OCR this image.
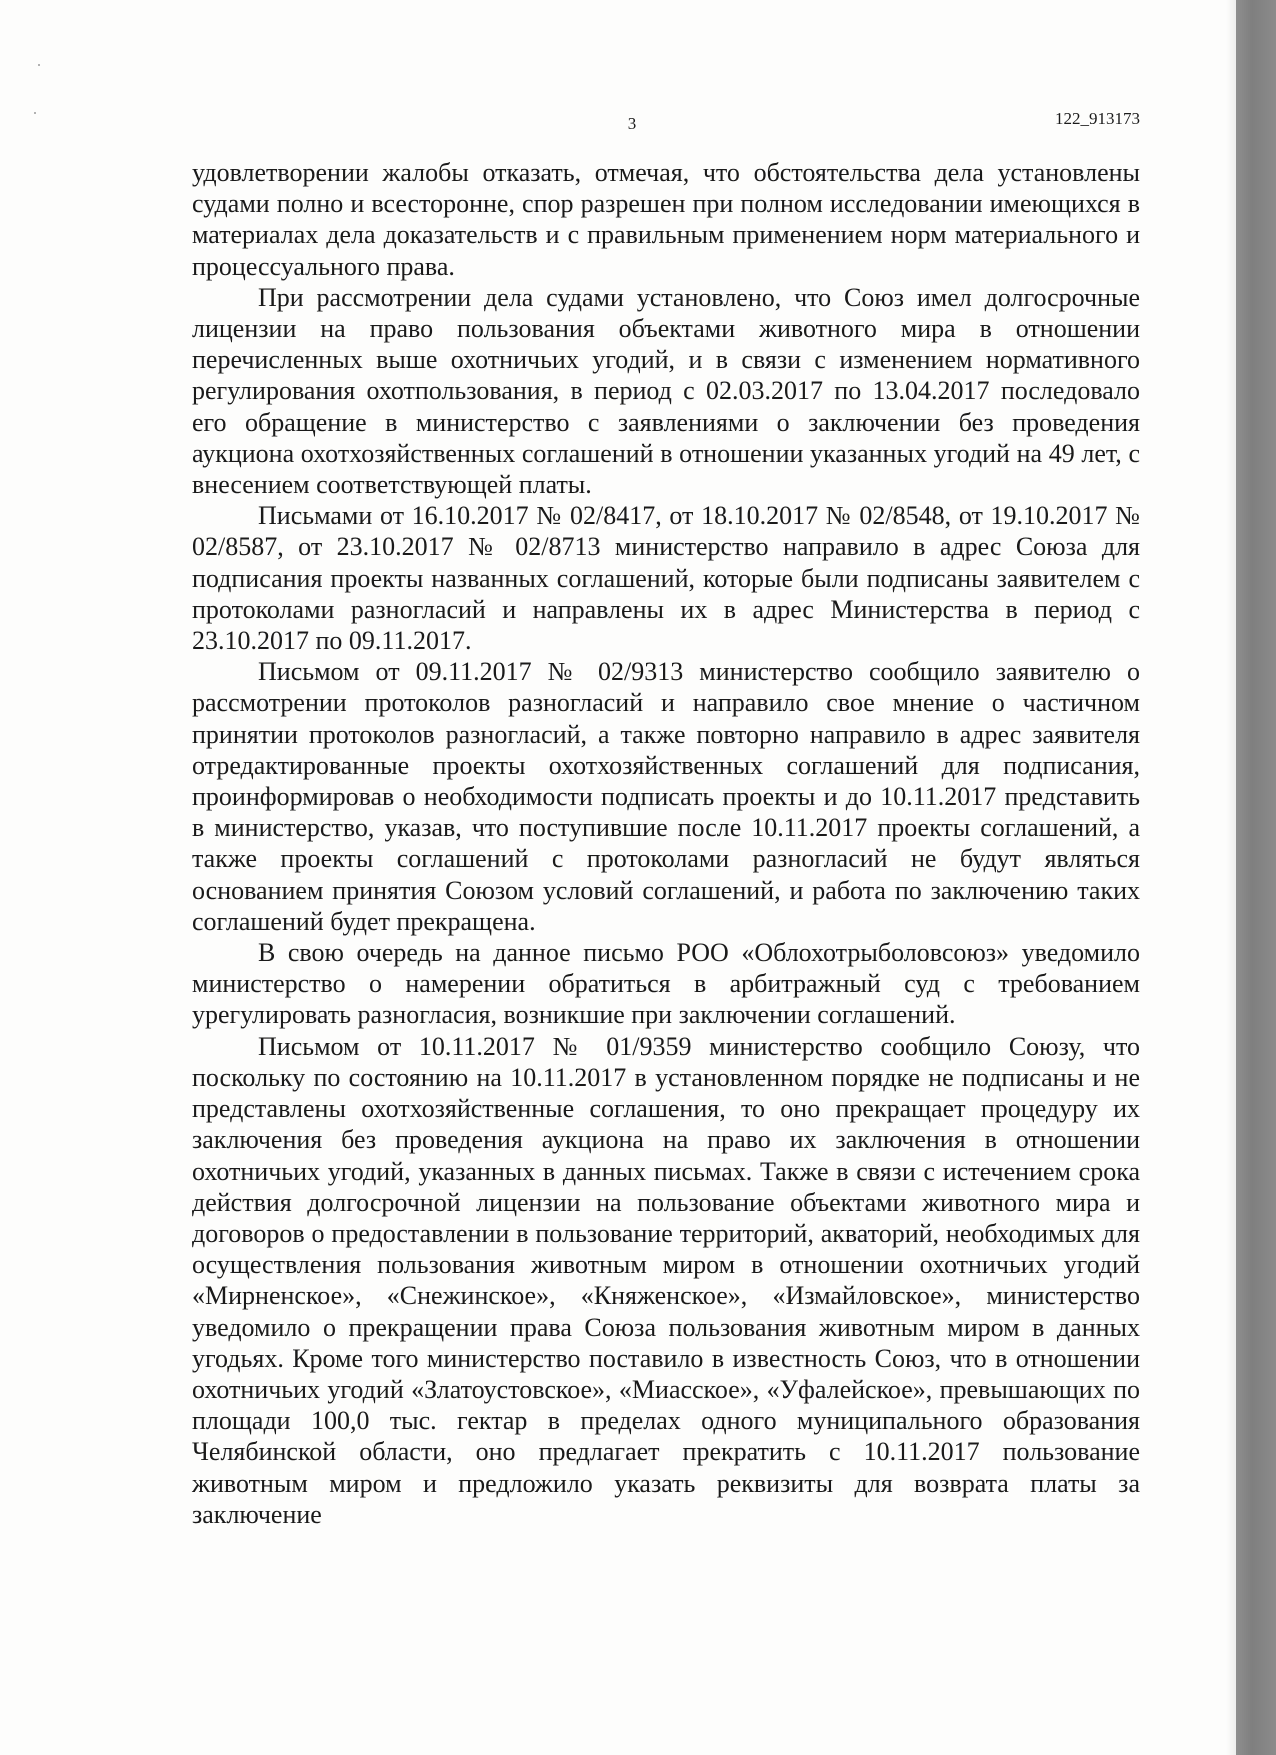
3	122_913173

удовлетворении жалобы отказать, отмечая, что обстоятельства дела установлены судами полно и всесторонне, спор разрешен при полном исследовании имеющихся в материалах дела доказательств и с правильным применением норм материального и процессуального права.

При рассмотрении дела судами установлено, что Союз имел долгосрочные лицензии на право пользования объектами животного мира в отношении перечисленных выше охотничьих угодий, и в связи с изменением нормативного регулирования охотпользования, в период с 02.03.2017 по 13.04.2017 последовало его обращение в министерство с заявлениями о заключении без проведения аукциона охотхозяйственных соглашений в отношении указанных угодий на 49 лет, с внесением соответствующей платы.

Письмами от 16.10.2017 № 02/8417, от 18.10.2017 № 02/8548, от 19.10.2017 № 02/8587, от 23.10.2017 № 02/8713 министерство направило в адрес Союза для подписания проекты названных соглашений, которые были подписаны заявителем с протоколами разногласий и направлены их в адрес Министерства в период с 23.10.2017 по 09.11.2017.

Письмом от 09.11.2017 № 02/9313 министерство сообщило заявителю о рассмотрении протоколов разногласий и направило свое мнение о частичном принятии протоколов разногласий, а также повторно направило в адрес заявителя отредактированные проекты охотхозяйственных соглашений для подписания, проинформировав о необходимости подписать проекты и до 10.11.2017 представить в министерство, указав, что поступившие после 10.11.2017 проекты соглашений, а также проекты соглашений с протоколами разногласий не будут являться основанием принятия Союзом условий соглашений, и работа по заключению таких соглашений будет прекращена.

В свою очередь на данное письмо РОО «Облохотрыболовсоюз» уведомило министерство о намерении обратиться в арбитражный суд с требованием урегулировать разногласия, возникшие при заключении соглашений.

Письмом от 10.11.2017 № 01/9359 министерство сообщило Союзу, что поскольку по состоянию на 10.11.2017 в установленном порядке не подписаны и не представлены охотхозяйственные соглашения, то оно прекращает процедуру их заключения без проведения аукциона на право их заключения в отношении охотничьих угодий, указанных в данных письмах. Также в связи с истечением срока действия долгосрочной лицензии на пользование объектами животного мира и договоров о предоставлении в пользование территорий, акваторий, необходимых для осуществления пользования животным миром в отношении охотничьих угодий «Мирненское», «Снежинское», «Княженское», «Измайловское», министерство уведомило о прекращении права Союза пользования животным миром в данных угодьях. Кроме того министерство поставило в известность Союз, что в отношении охотничьих угодий «Златоустовское», «Миасское», «Уфалейское», превышающих по площади 100,0 тыс. гектар в пределах одного муниципального образования Челябинской области, оно предлагает прекратить с 10.11.2017 пользование животным миром и предложило указать реквизиты для возврата платы за заключение
